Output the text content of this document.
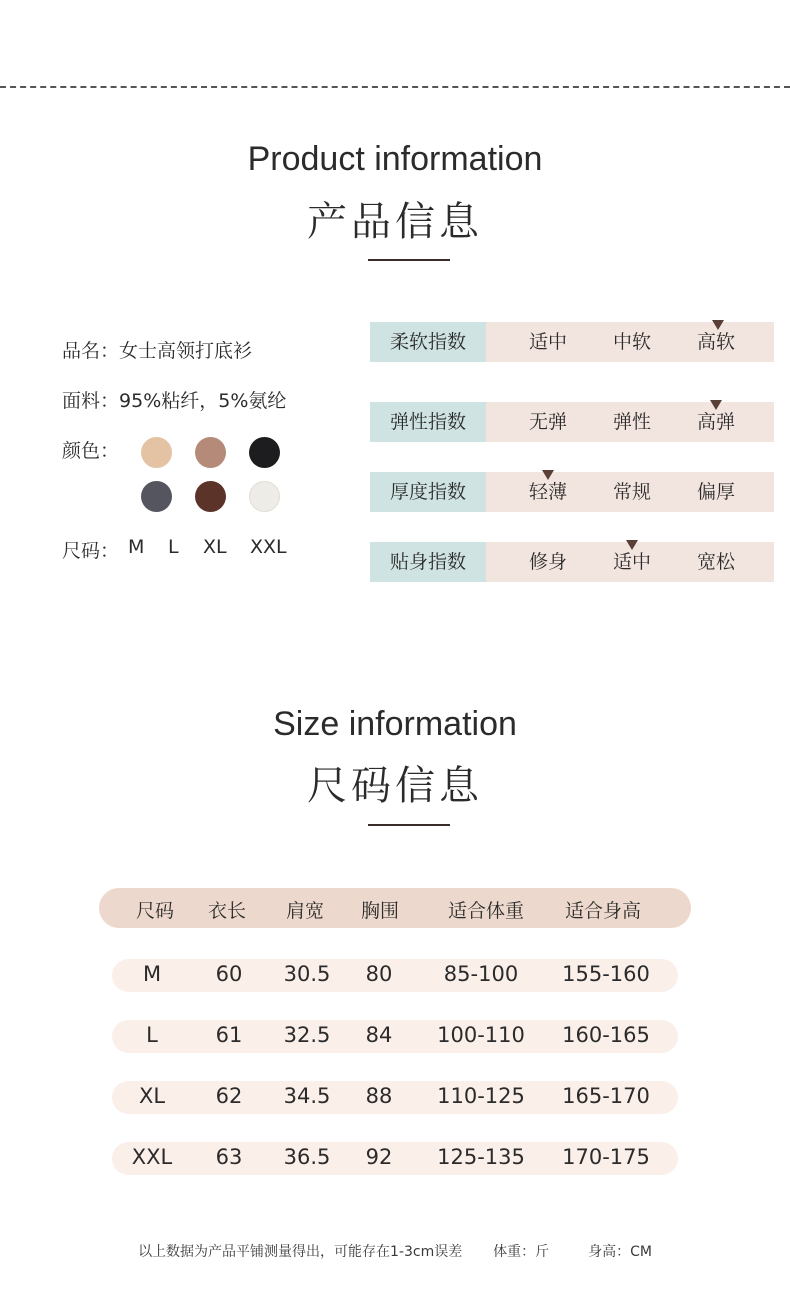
Product information
产品信息
品名：女士高领打底衫
面料：95%粘纤，5%氨纶
颜色：
尺码： M L XL XXL
柔软指数	适中	中软	高软
弹性指数	无弹	弹性	高弹
厚度指数	轻薄	常规	偏厚
贴身指数	修身	适中	宽松
Size information
尺码信息
尺码	衣长	肩宽	胸围	适合体重	适合身高
M	60	30.5	80	85-100	155-160
L	61	32.5	84	100-110	160-165
XL	62	34.5	88	110-125	165-170
XXL	63	36.5	92	125-135	170-175
以上数据为产品平铺测量得出，可能存在1-3cm误差 体重：斤	身高：CM
